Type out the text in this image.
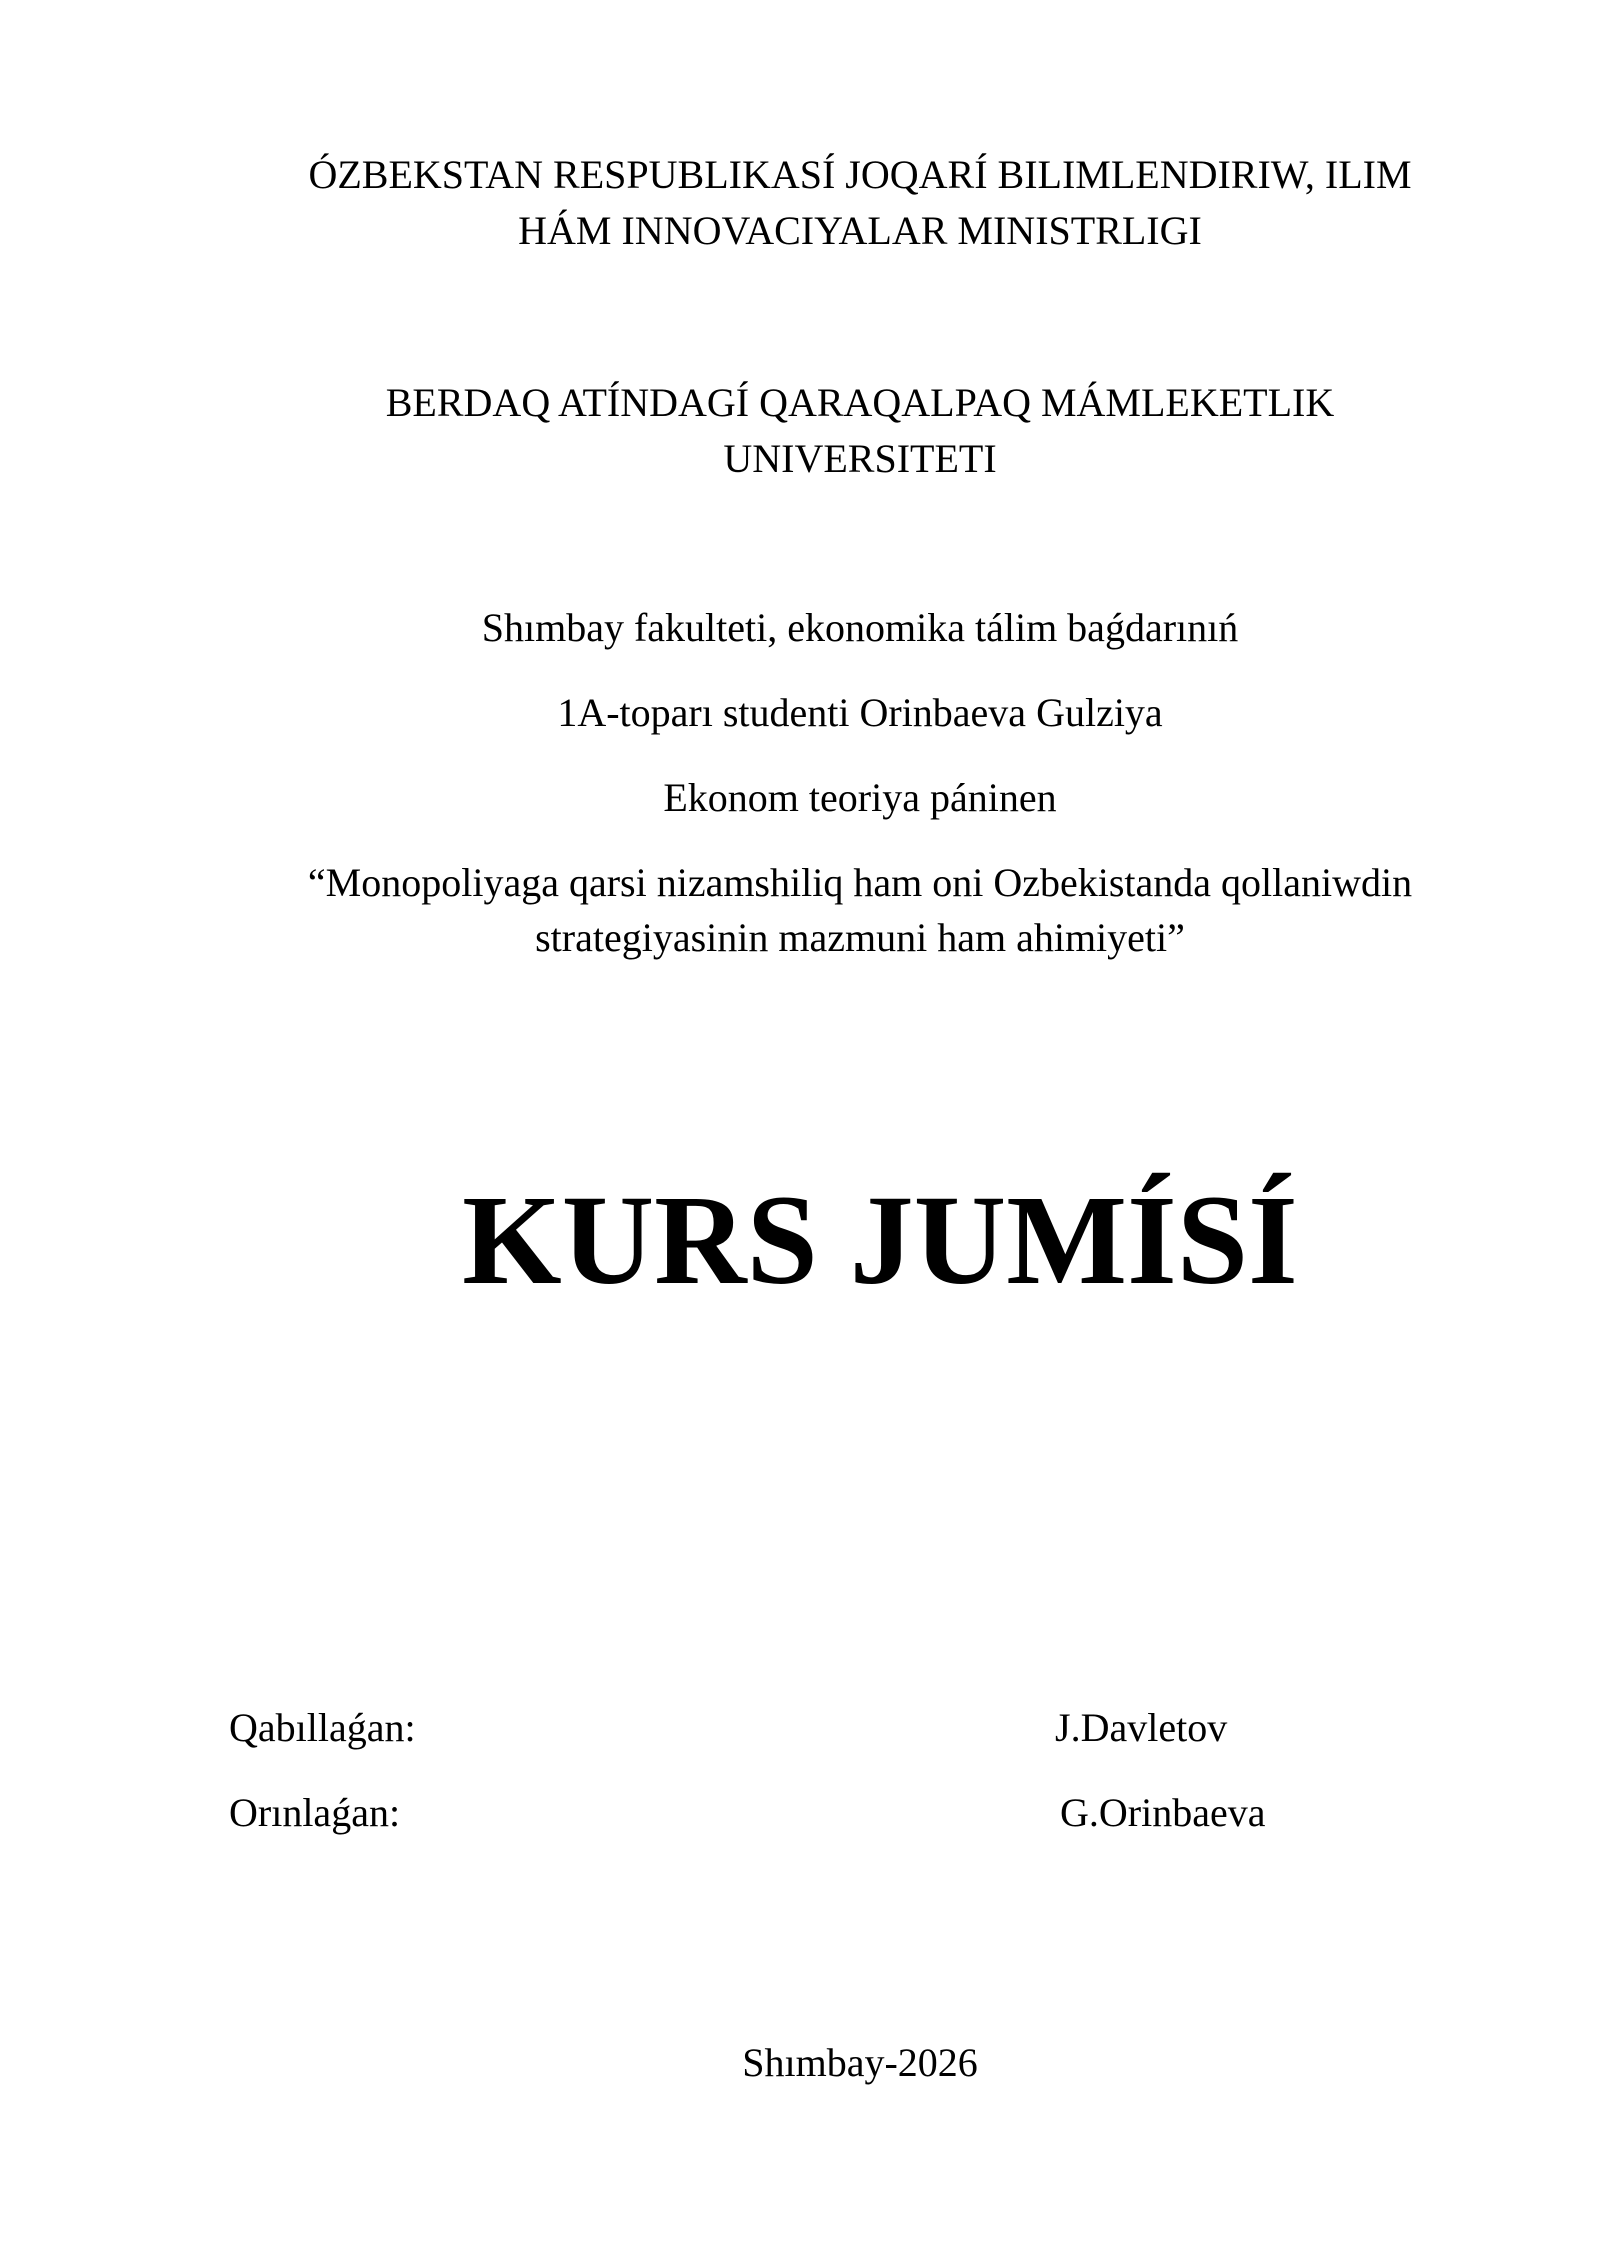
ÓZBEKSTAN RESPUBLIKASÍ JOQARÍ BILIMLENDIRIW, ILIM
HÁM INNOVACIYALAR MINISTRLIGI
BERDAQ ATÍNDAGÍ QARAQALPAQ MÁMLEKETLIK
UNIVERSITETI
Shımbay fakulteti, ekonomika tálim baǵdarınıń
1A-toparı studenti Orinbaeva Gulziya
Ekonom teoriya páninen
“Monopoliyaga qarsi nizamshiliq ham oni Ozbekistanda qollaniwdin
strategiyasinin mazmuni ham ahimiyeti”
KURS JUMÍSÍ
Qabıllaǵan:	J.Davletov
Orınlaǵan:	G.Orinbaeva
Shımbay-2026
